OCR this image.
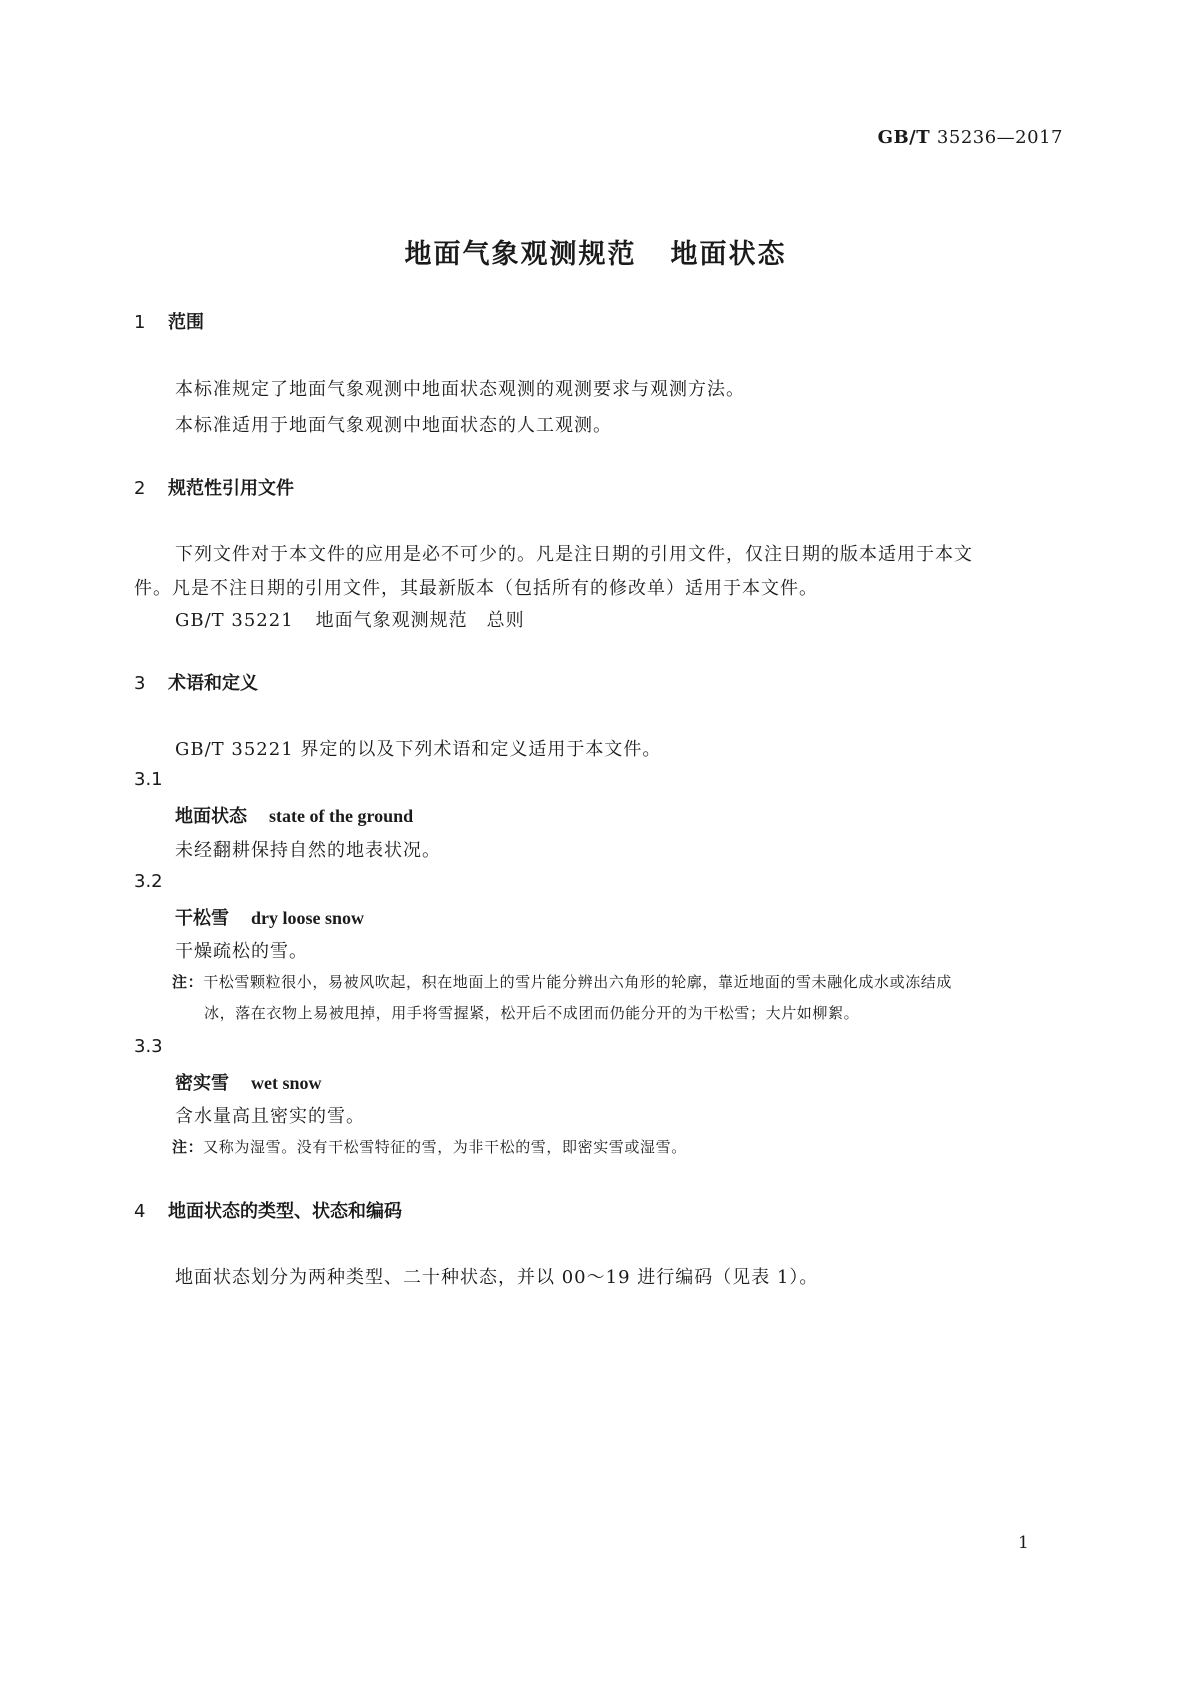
GB/T 35236—2017
地面气象观测规范 地面状态
1 范围
本标准规定了地面气象观测中地面状态观测的观测要求与观测方法。
本标准适用于地面气象观测中地面状态的人工观测。
2 规范性引用文件
下列文件对于本文件的应用是必不可少的。凡是注日期的引用文件，仅注日期的版本适用于本文
件。凡是不注日期的引用文件，其最新版本（包括所有的修改单）适用于本文件。
GB/T 35221 地面气象观测规范　总则
3 术语和定义
GB/T 35221 界定的以及下列术语和定义适用于本文件。
3.1
地面状态 state of the ground
未经翻耕保持自然的地表状况。
3.2
干松雪 dry loose snow
干燥疏松的雪。
注：干松雪颗粒很小，易被风吹起，积在地面上的雪片能分辨出六角形的轮廓，靠近地面的雪未融化成水或冻结成
冰，落在衣物上易被甩掉，用手将雪握紧，松开后不成团而仍能分开的为干松雪；大片如柳絮。
3.3
密实雪 wet snow
含水量高且密实的雪。
注：又称为湿雪。没有干松雪特征的雪，为非干松的雪，即密实雪或湿雪。
4 地面状态的类型、状态和编码
地面状态划分为两种类型、二十种状态，并以 00～19 进行编码（见表 1）。
1
